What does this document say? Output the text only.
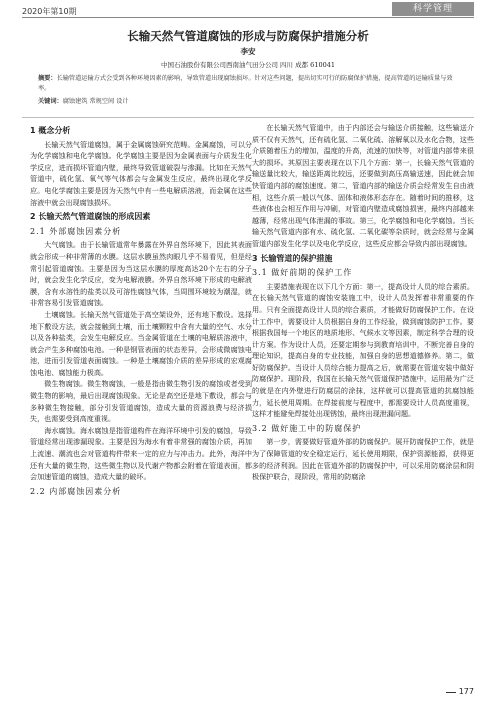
2020年第10期	科学管理
长输天然气管道腐蚀的形成与防腐保护措施分析
李安
中国石油股份有限公司西南油气田分公司 四川 成都 610041
摘要：长输管道运输方式会受到各种环境因素的影响，导致管道出现腐蚀损坏。针对这些问题，提出切实可行的防腐保护措施，提高管道的运输质量与效率。
关键词：腐蚀建筑 常规空间 设计
1 概念分析

长输天然气管道腐蚀，属于金属腐蚀研究范畴。金属腐蚀，可以分为化学腐蚀和电化学腐蚀。化学腐蚀主要是因为金属表面与介质发生化学反应，进而损坏管道内壁，最终导致管道破裂与渗漏。比如在天然气管道中，硫化氢、氧气等气体都会与金属发生反应，最终出现化学反应。电化学腐蚀主要是因为天然气中有一些电解质溶液，而金属在这些溶液中就会出现腐蚀损坏。

2 长输天然气管道腐蚀的形成因素
2.1 外部腐蚀因素分析

大气腐蚀。由于长输管道常年暴露在外界自然环境下，因此其表面就会形成一种非常薄的水膜。这层水膜虽然肉眼几乎不易看见，但是经常引起管道腐蚀。主要是因为当这层水膜的厚度高达20个左右的分子时，就会发生化学反应，变为电解液膜。外界自然环境下形成的电解液膜，含有水溶性的盐类以及可溶性腐蚀气体，当周围环境较为潮湿，就非常容易引发管道腐蚀。

土壤腐蚀。长输天然气管道处于高空架设外，还有地下敷设。选择地下敷设方法，就会接触到土壤，而土壤颗粒中含有大量的空气、水分以及各种盐类，会发生电解反应。当金属管道在土壤的电解质溶液中，就会产生多种腐蚀电池。一种是钢管表面的状态差异，会形成微腐蚀电池，进而引发管道表面腐蚀。一种是土壤腐蚀介质的差异形成的宏观腐蚀电池、腐蚀能力极高。

微生物腐蚀。微生物腐蚀，一般是指由微生物引发的腐蚀或者受到微生物的影响，最后出现腐蚀现象。无论是高空还是地下敷设，都会与多种微生物接触，部分引发管道腐蚀，造成大量的资源浪费与经济损失，也需要受到高度重视。

海水腐蚀。海水腐蚀是指管道构件在海洋环境中引发的腐蚀，导致管道经常出现渗漏现象。主要是因为海水有着非常强的腐蚀介质，再加上流速、潮流也会对管道构件带来一定的应力与冲击力。此外，海洋中还有大量的微生物，这些微生物以及代谢产物都会附着在管道表面，都会加速管道的腐蚀，造成大量的破坏。

2.2 内部腐蚀因素分析

在长输天然气管道中，由于内部还会与输送介质接触，这些输送介质不仅有天然气，还有硫化氢、二氧化硫、溶解氧以及水化合物，这些介质随着压力的增加，温度的升高，流速的加快等，对管道内部带来很大的损坏。其原因主要表现在以下几个方面：第一，长输天然气管道的输送量比较大，输送距离比较远，还要做到高压高输送速，因此就会加快管道内部的腐蚀速度。第二，管道内部的输送介质会经常发生自由液相，这些介质一般以气体、固体和液体形态存在。随着时间的推移，这些液体也会相互作用与冲刷，对管道内壁造成腐蚀损害，最终内部越来越薄，经常出现气体泄漏的事故。第三，化学腐蚀和电化学腐蚀。当长输天然气管道内部有水、硫化氢、二氧化碳等杂质时，就会经常与金属管道内部发生化学以及电化学反应，这些反应都会导致内部出现腐蚀。

3 长输管道的保护措施
3.1 做好前期的保护工作

主要措施表现在以下几个方面：第一，提高设计人员的综合素质。在长输天然气管道的腐蚀安装施工中，设计人员发挥着非常重要的作用。只有全面提高设计人员的综合素质，才能做好防腐保护工作。在设计工作中，需要设计人员根据自身的工作经验，做到腐蚀防护工作。要根据我国每一个地区的地质地形、气候水文等因素，制定科学合理的设计方案。作为设计人员，还要定期参与到教育培训中，不断完善自身的理论知识，提高自身的专业技能，加强自身的思想道德修养。第二，做好防腐保护。当设计人员综合能力提高之后，就需要在管道安装中做好防腐保护。现阶段，我国在长输天然气管道保护措施中，运用最为广泛的就是在内外壁进行防腐层的涂抹，这样就可以提高管道的抗腐蚀能力，延长使用周期。在焊接前度与程度中，都需要设计人员高度重视，这样才能避免焊接处出现锈蚀，最终出现泄漏问题。

3.2 做好施工中的防腐保护

第一步，需要做好管道外部的防腐保护。展开防腐保护工作，就是为了保障管道的安全稳定运行，延长使用期限，保护资源能源，获得更多的经济利润。因此在管道外部的防腐保护中，可以采用防腐涂层和阴极保护联合，现阶段，常用的防腐涂

177
